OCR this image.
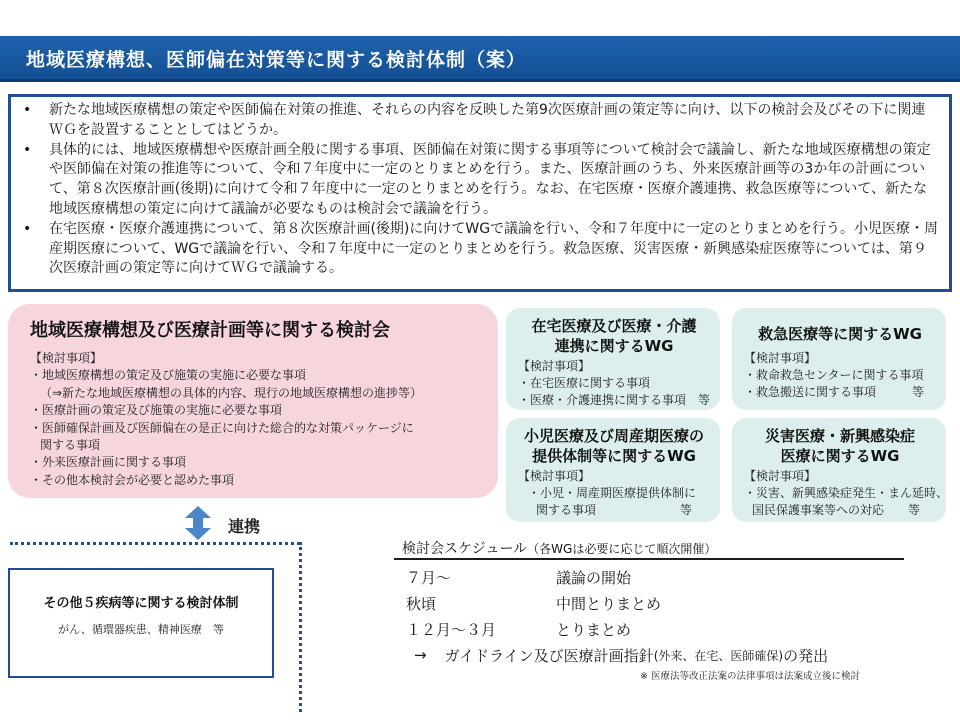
地域医療構想、医師偏在対策等に関する検討体制（案）
•	新たな地域医療構想の策定や医師偏在対策の推進、それらの内容を反映した第9次医療計画の策定等に向け、以下の検討会及びその下に関連ＷＧを設置することとしてはどうか。
•	具体的には、地域医療構想や医療計画全般に関する事項、医師偏在対策に関する事項等について検討会で議論し、新たな地域医療構想の策定や医師偏在対策の推進等について、令和７年度中に一定のとりまとめを行う。また、医療計画のうち、外来医療計画等の3か年の計画について、第８次医療計画(後期)に向けて令和７年度中に一定のとりまとめを行う。なお、在宅医療・医療介護連携、救急医療等について、新たな地域医療構想の策定に向けて議論が必要なものは検討会で議論を行う。
•	在宅医療・医療介護連携について、第８次医療計画(後期)に向けてWGで議論を行い、令和７年度中に一定のとりまとめを行う。小児医療・周産期医療について、WGで議論を行い、令和７年度中に一定のとりまとめを行う。救急医療、災害医療・新興感染症医療等については、第９次医療計画の策定等に向けてＷＧで議論する。
地域医療構想及び医療計画等に関する検討会
【検討事項】
・地域医療構想の策定及び施策の実施に必要な事項
（⇒新たな地域医療構想の具体的内容、現行の地域医療構想の進捗等）
・医療計画の策定及び施策の実施に必要な事項
・医師確保計画及び医師偏在の是正に向けた総合的な対策パッケージに
関する事項
・外来医療計画に関する事項
・その他本検討会が必要と認めた事項
在宅医療及び医療・介護
連携に関するWG
【検討事項】
・在宅医療に関する事項
・医療・介護連携に関する事項　等
救急医療等に関するWG
【検討事項】
・救命救急センターに関する事項
・救急搬送に関する事項　　　等
小児医療及び周産期医療の
提供体制等に関するWG
【検討事項】
・小児・周産期医療提供体制に
関する事項　　　　　　　等
災害医療・新興感染症
医療に関するWG
【検討事項】
・災害、新興感染症発生・まん延時、
国民保護事案等への対応　　等
連携
その他５疾病等に関する検討体制
がん、循環器疾患、精神医療　等
検討会スケジュール（各WGは必要に応じて順次開催）
７月～	議論の開始
秋頃	中間とりまとめ
１２月～３月	とりまとめ
→ ガイドライン及び医療計画指針 (外来、在宅、医師確保) の発出
※ 医療法等改正法案の法律事項は法案成立後に検討
